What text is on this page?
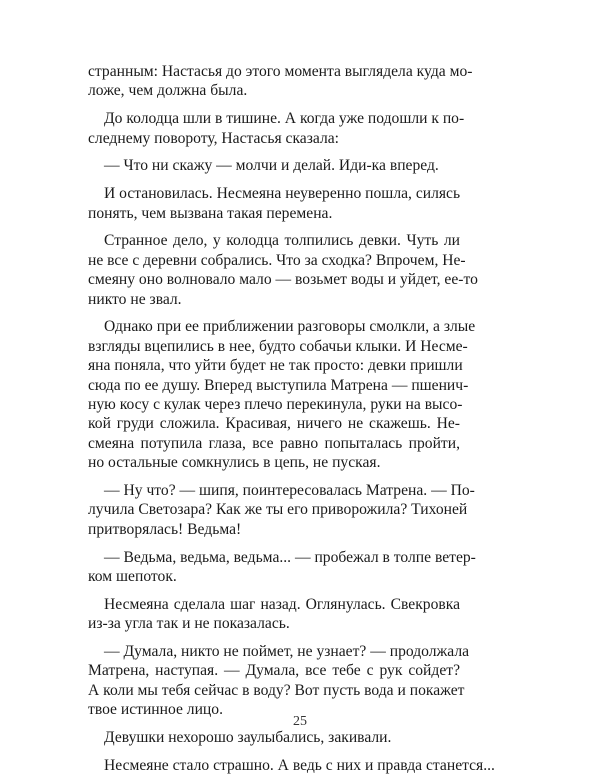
странным: Настасья до этого момента выглядела куда мо-
ложе, чем должна была.

До колодца шли в тишине. А когда уже подошли к по-
следнему повороту, Настасья сказала:

— Что ни скажу — молчи и делай. Иди-ка вперед.

И остановилась. Несмеяна неуверенно пошла, силясь
понять, чем вызвана такая перемена.

Странное дело, у колодца толпились девки. Чуть ли
не все с деревни собрались. Что за сходка? Впрочем, Не-
смеяну оно волновало мало — возьмет воды и уйдет, ее-то
никто не звал.

Однако при ее приближении разговоры смолкли, а злые
взгляды вцепились в нее, будто собачьи клыки. И Несме-
яна поняла, что уйти будет не так просто: девки пришли
сюда по ее душу. Вперед выступила Матрена — пшенич-
ную косу с кулак через плечо перекинула, руки на высо-
кой груди сложила. Красивая, ничего не скажешь. Не-
смеяна потупила глаза, все равно попыталась пройти,
но остальные сомкнулись в цепь, не пуская.

— Ну что? — шипя, поинтересовалась Матрена. — По-
лучила Светозара? Как же ты его приворожила? Тихоней
притворялась! Ведьма!

— Ведьма, ведьма, ведьма... — пробежал в толпе ветер-
ком шепоток.

Несмеяна сделала шаг назад. Оглянулась. Свекровка
из-за угла так и не показалась.

— Думала, никто не поймет, не узнает? — продолжала
Матрена, наступая. — Думала, все тебе с рук сойдет?
А коли мы тебя сейчас в воду? Вот пусть вода и покажет
твое истинное лицо.

Девушки нехорошо заулыбались, закивали.

Несмеяне стало страшно. А ведь с них и правда станется...

25
